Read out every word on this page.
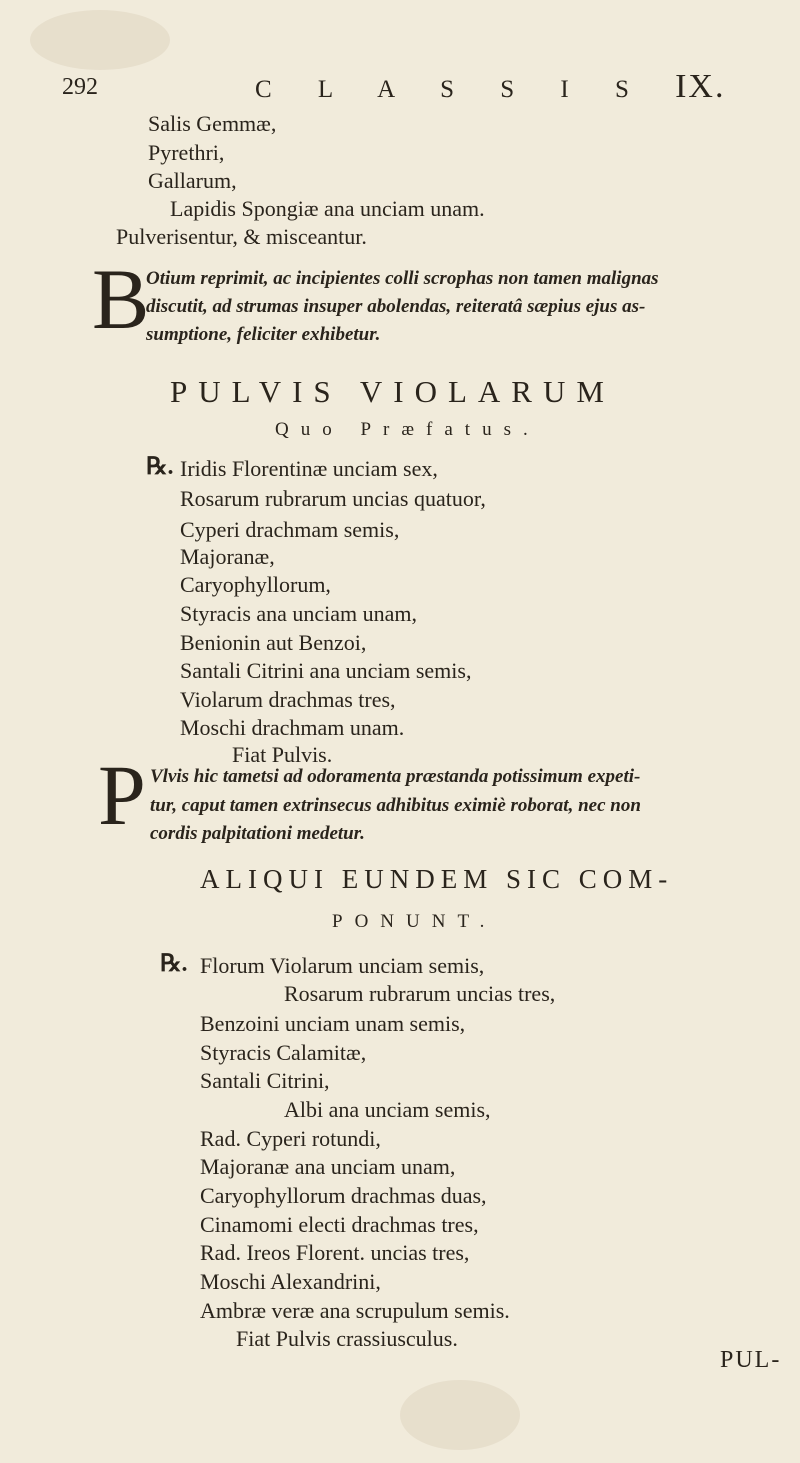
292	C L A S S I S IX.
Salis Gemmæ,
Pyrethri,
Gallarum,
Lapidis Spongiæ ana unciam unam.
Pulverisentur, & misceantur.
B
Otium reprimit, ac incipientes colli scrophas non tamen malignas
discutit, ad strumas insuper abolendas, reiteratâ sæpius ejus as-
sumptione, feliciter exhibetur.
PULVIS VIOLARUM
Quo Præfatus.
℞. Iridis Florentinæ unciam sex,
Rosarum rubrarum uncias quatuor,
Cyperi drachmam semis,
Majoranæ,
Caryophyllorum,
Styracis ana unciam unam,
Benionin aut Benzoi,
Santali Citrini ana unciam semis,
Violarum drachmas tres,
Moschi drachmam unam.
Fiat Pulvis.
P Vlvis hic tametsi ad odoramenta præstanda potissimum expeti-
tur, caput tamen extrinsecus adhibitus eximiè roborat, nec non
cordis palpitationi medetur.
ALIQUI EUNDEM SIC COM-
PONUNT.
℞. Florum Violarum unciam semis,
Rosarum rubrarum uncias tres,
Benzoini unciam unam semis,
Styracis Calamitæ,
Santali Citrini,
Albi ana unciam semis,
Rad. Cyperi rotundi,
Majoranæ ana unciam unam,
Caryophyllorum drachmas duas,
Cinamomi electi drachmas tres,
Rad. Ireos Florent. uncias tres,
Moschi Alexandrini,
Ambræ veræ ana scrupulum semis.
Fiat Pulvis crassiusculus.
PUL-
